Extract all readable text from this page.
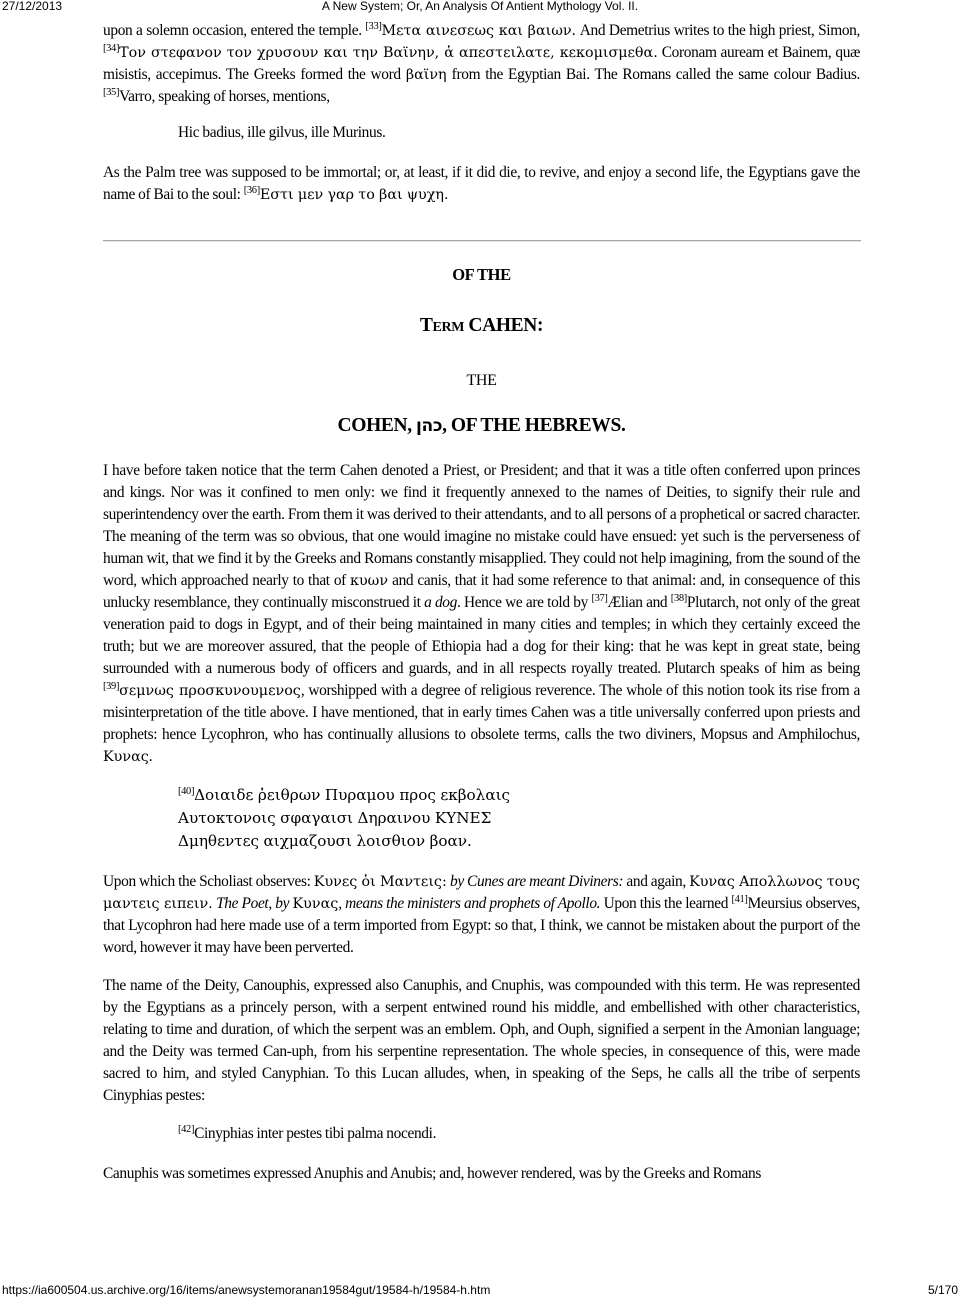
27/12/2013	A New System; Or, An Analysis Of Antient Mythology Vol. II.

upon a solemn occasion, entered the temple. [33]Μετα αινεσεως και βαιων. And Demetrius writes to the high priest, Simon, [34]Τον στεφανον τον χρυσουν και την Βαϊνην, ἁ απεστειλατε, κεκομισμεθα. Coronam auream et Bainem, quæ misistis, accepimus. The Greeks formed the word βαϊνη from the Egyptian Bai. The Romans called the same colour Badius. [35]Varro, speaking of horses, mentions,

Hic badius, ille gilvus, ille Murinus.

As the Palm tree was supposed to be immortal; or, at least, if it did die, to revive, and enjoy a second life, the Egyptians gave the name of Bai to the soul: [36]Εστι μεν γαρ το βαι ψυχη.

OF THE
TERM CAHEN:
THE
COHEN, כהן, OF THE HEBREWS.

I have before taken notice that the term Cahen denoted a Priest, or President; and that it was a title often conferred upon princes and kings. Nor was it confined to men only: we find it frequently annexed to the names of Deities, to signify their rule and superintendency over the earth. From them it was derived to their attendants, and to all persons of a prophetical or sacred character. The meaning of the term was so obvious, that one would imagine no mistake could have ensued: yet such is the perverseness of human wit, that we find it by the Greeks and Romans constantly misapplied. They could not help imagining, from the sound of the word, which approached nearly to that of κυων and canis, that it had some reference to that animal: and, in consequence of this unlucky resemblance, they continually misconstrued it a dog. Hence we are told by [37]Ælian and [38]Plutarch, not only of the great veneration paid to dogs in Egypt, and of their being maintained in many cities and temples; in which they certainly exceed the truth; but we are moreover assured, that the people of Ethiopia had a dog for their king: that he was kept in great state, being surrounded with a numerous body of officers and guards, and in all respects royally treated. Plutarch speaks of him as being [39]σεμνως προσκυνουμενος, worshipped with a degree of religious reverence. The whole of this notion took its rise from a misinterpretation of the title above. I have mentioned, that in early times Cahen was a title universally conferred upon priests and prophets: hence Lycophron, who has continually allusions to obsolete terms, calls the two diviners, Mopsus and Amphilochus, Κυνας.

[40]Δοιαιδε ῥειθρων Πυραμου προς εκβολαις
Αυτοκτονοις σφαγαισι Δηραινου ΚΥΝΕΣ
Δμηθεντες αιχμαζουσι λοισθιον βοαν.

Upon which the Scholiast observes: Κυνες ὁι Μαντεις: by Cunes are meant Diviners: and again, Κυνας Απολλωνος τους μαντεις ειπειν. The Poet, by Κυνας, means the ministers and prophets of Apollo. Upon this the learned [41]Meursius observes, that Lycophron had here made use of a term imported from Egypt: so that, I think, we cannot be mistaken about the purport of the word, however it may have been perverted.

The name of the Deity, Canouphis, expressed also Canuphis, and Cnuphis, was compounded with this term. He was represented by the Egyptians as a princely person, with a serpent entwined round his middle, and embellished with other characteristics, relating to time and duration, of which the serpent was an emblem. Oph, and Ouph, signified a serpent in the Amonian language; and the Deity was termed Can-uph, from his serpentine representation. The whole species, in consequence of this, were made sacred to him, and styled Canyphian. To this Lucan alludes, when, in speaking of the Seps, he calls all the tribe of serpents Cinyphias pestes:

[42]Cinyphias inter pestes tibi palma nocendi.

Canuphis was sometimes expressed Anuphis and Anubis; and, however rendered, was by the Greeks and Romans

https://ia600504.us.archive.org/16/items/anewsystemoranan19584gut/19584-h/19584-h.htm	5/170
